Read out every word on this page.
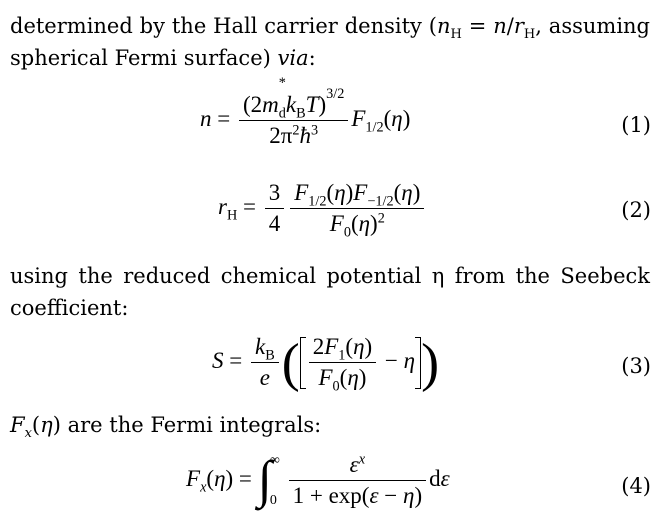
determined by the Hall carrier density ($n_H = n/r_H$, assuming spherical Fermi surface) via:
n = (2m
*
$_dk_BT)^{3/2}$
$2\pi^2ħ^3$ $F_{1/2}(\eta)$	(1)
$r_H = \frac{3}{4} \frac{F_{1/2}(\eta)F_{-1/2}(\eta)}{F_0(\eta)^2}$	(2)
using the reduced chemical potential η from the Seebeck coefficient:
$S = \frac{k_B}{e}$ ( $\frac{2F_1(\eta)}{F_0(\eta)} - \eta$ )	(3)
$F_x(\eta)$ are the Fermi integrals:
$F_x(\eta)$ = ∫
∞
0
$\frac{\varepsilon^x}{1 + \exp(\varepsilon - \eta)}$ dε	(4)
